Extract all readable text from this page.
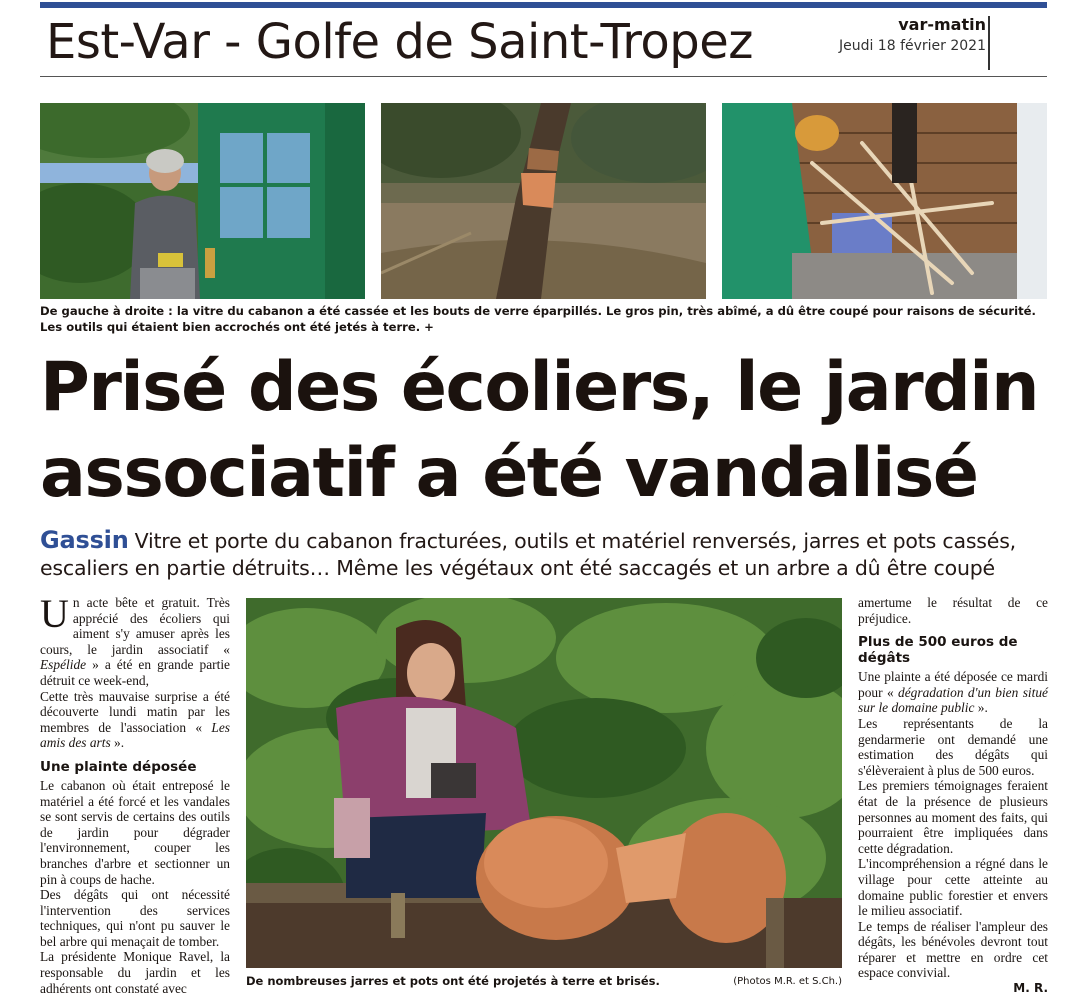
Est-Var - Golfe de Saint-Tropez	var-matin
Jeudi 18 février 2021
De gauche à droite : la vitre du cabanon a été cassée et les bouts de verre éparpillés. Le gros pin, très abîmé, a dû être coupé pour raisons de sécurité. Les outils qui étaient bien accrochés ont été jetés à terre. +
Prisé des écoliers, le jardin associatif a été vandalisé
Gassin Vitre et porte du cabanon fracturées, outils et matériel renversés, jarres et pots cassés, escaliers en partie détruits… Même les végétaux ont été saccagés et un arbre a dû être coupé

Un acte bête et gratuit. Très apprécié des écoliers qui aiment s'y amuser après les cours, le jardin associatif « Espélide » a été en grande partie détruit ce week-end,

Cette très mauvaise surprise a été découverte lundi matin par les membres de l'association « Les amis des arts ».

Une plainte déposée

Le cabanon où était entreposé le matériel a été forcé et les vandales se sont servis de certains des outils de jardin pour dégrader l'environnement, couper les branches d'arbre et sectionner un pin à coups de hache.

Des dégâts qui ont nécessité l'intervention des services techniques, qui n'ont pu sauver le bel arbre qui menaçait de tomber.

La présidente Monique Ravel, la responsable du jardin et les adhérents ont constaté avec	De nombreuses jarres et pots ont été projetés à terre et brisés.	(Photos M.R. et S.Ch.)

amertume le résultat de ce préjudice.

Plus de 500 euros de dégâts

Une plainte a été déposée ce mardi pour « dégradation d'un bien situé sur le domaine public ».

Les représentants de la gendarmerie ont demandé une estimation des dégâts qui s'élèveraient à plus de 500 euros.

Les premiers témoignages feraient état de la présence de plusieurs personnes au moment des faits, qui pourraient être impliquées dans cette dégradation.

L'incompréhension a régné dans le village pour cette atteinte au domaine public forestier et envers le milieu associatif.

Le temps de réaliser l'ampleur des dégâts, les bénévoles devront tout réparer et mettre en ordre cet espace convivial.

M. R.
